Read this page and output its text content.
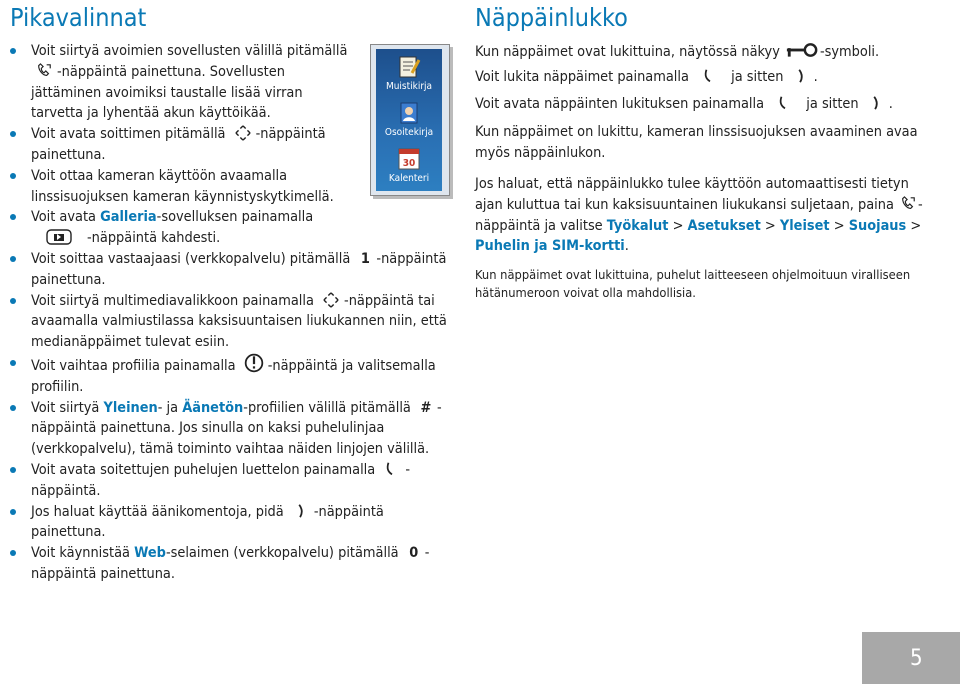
Pikavalinnat
Muistikirja
Osoitekirja
30
Kalenteri
Voit siirtyä avoimien sovellusten välillä pitämällä -näppäintä painettuna. Sovellusten jättäminen avoimiksi taustalle lisää virran tarvetta ja lyhentää akun käyttöikää.
Voit avata soittimen pitämällä -näppäintä painettuna.
Voit ottaa kameran käyttöön avaamalla linssisuojuksen kameran käynnistyskytkimellä.
Voit avata Galleria-sovelluksen painamalla -näppäintä kahdesti.
Voit soittaa vastaajaasi (verkkopalvelu) pitämällä 1 -näppäintä painettuna.
Voit siirtyä multimediavalikkoon painamalla -näppäintä tai avaamalla valmiustilassa kaksisuuntaisen liukukannen niin, että medianäppäimet tulevat esiin.
Voit vaihtaa profiilia painamalla -näppäintä ja valitsemalla profiilin.
Voit siirtyä Yleinen- ja Äänetön-profiilien välillä pitämällä # -näppäintä painettuna. Jos sinulla on kaksi puhelulinjaa (verkkopalvelu), tämä toiminto vaihtaa näiden linjojen välillä.
Voit avata soitettujen puhelujen luettelon painamalla -näppäintä.
Jos haluat käyttää äänikomentoja, pidä -näppäintä painettuna.
Voit käynnistää Web-selaimen (verkkopalvelu) pitämällä 0 -näppäintä painettuna.
Näppäinlukko

Kun näppäimet ovat lukittuina, näytössä näkyy	-symboli.

Voit lukita näppäimet painamalla	ja sitten .

Voit avata näppäinten lukituksen painamalla	ja sitten .

Kun näppäimet on lukittu, kameran linssisuojuksen avaaminen avaa myös näppäinlukon.

Jos haluat, että näppäinlukko tulee käyttöön automaattisesti tietyn ajan kuluttua tai kun kaksisuuntainen liukukansi suljetaan, paina -näppäintä ja valitse Työkalut > Asetukset > Yleiset > Suojaus > Puhelin ja SIM-kortti.

Kun näppäimet ovat lukittuina, puhelut laitteeseen ohjelmoituun viralliseen hätänumeroon voivat olla mahdollisia.

5
